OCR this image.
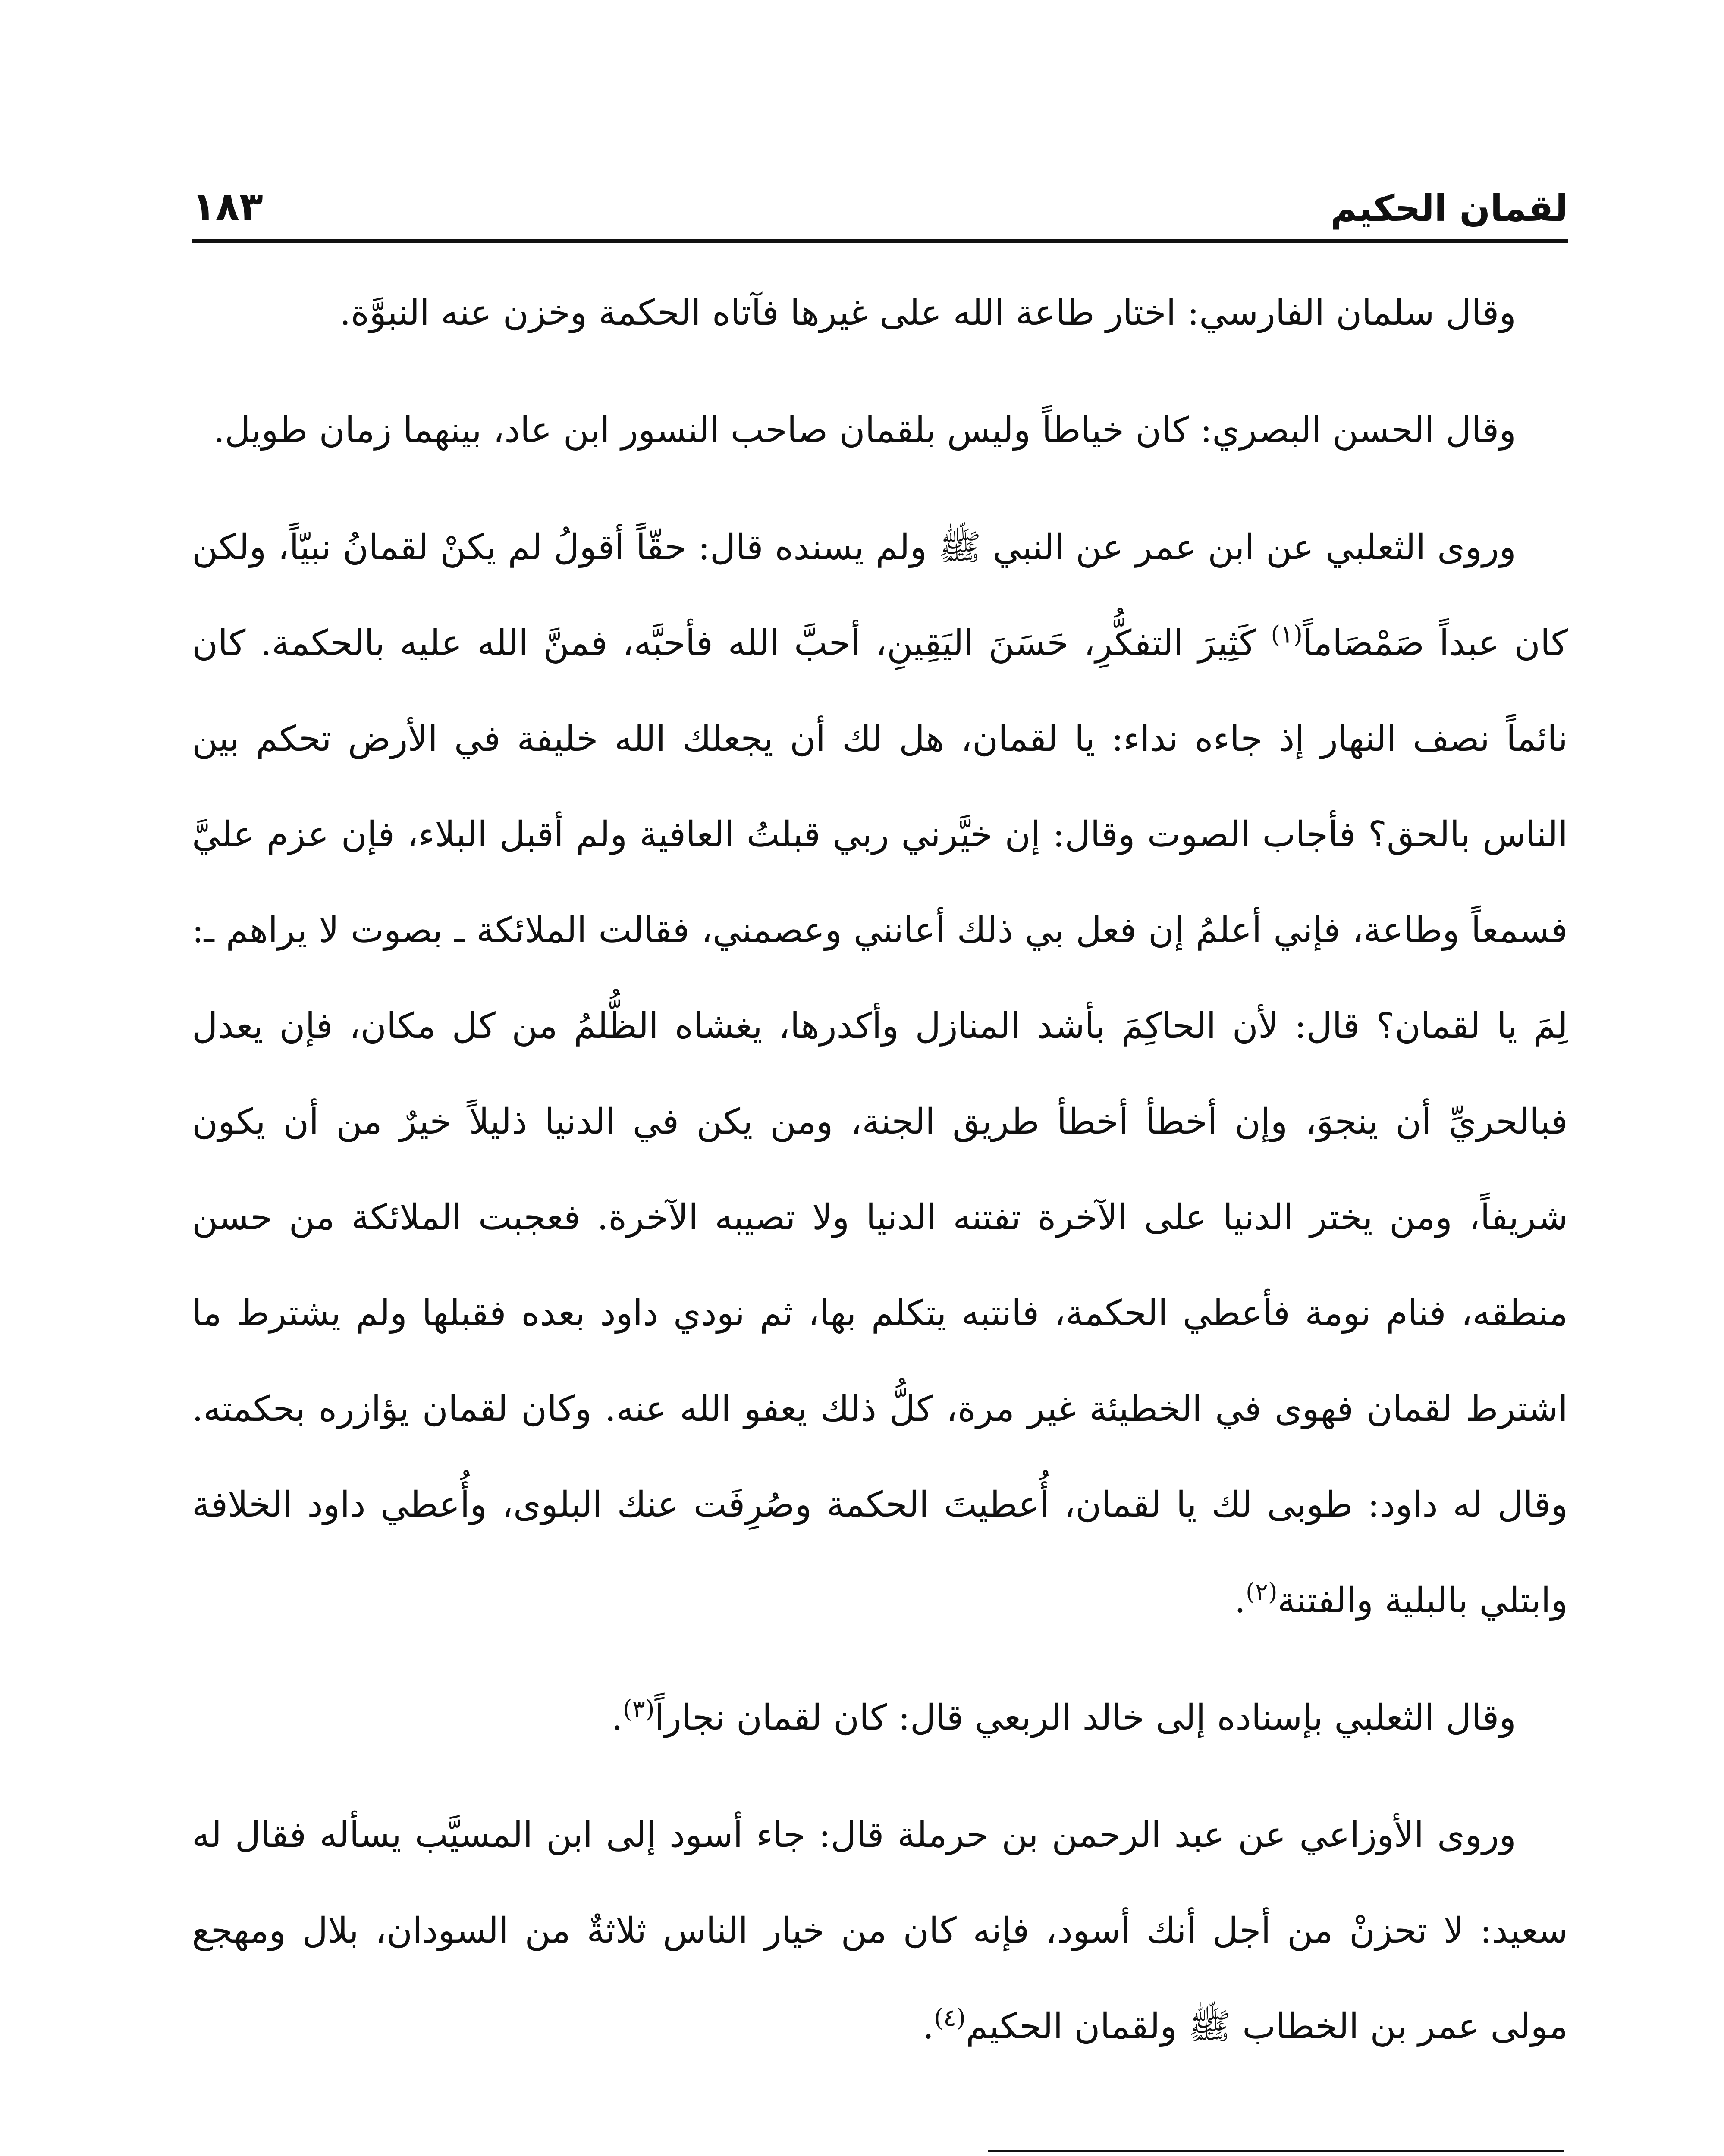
لقمان الحكيم
١٨٣

وقال سلمان الفارسي: اختار طاعة الله على غيرها فآتاه الحكمة وخزن عنه النبوَّة.

وقال الحسن البصري: كان خياطاً وليس بلقمان صاحب النسور ابن عاد، بينهما زمان طويل.

وروى الثعلبي عن ابن عمر عن النبي ﷺ ولم يسنده قال: حقّاً أقولُ لم يكنْ لقمانُ نبيّاً، ولكن كان عبداً صَمْصَاماً$^{(١)}$ كَثِيرَ التفكُّرِ، حَسَنَ اليَقِينِ، أحبَّ الله فأحبَّه، فمنَّ الله عليه بالحكمة. كان نائماً نصف النهار إذ جاءه نداء: يا لقمان، هل لك أن يجعلك الله خليفة في الأرض تحكم بين الناس بالحق؟ فأجاب الصوت وقال: إن خيَّرني ربي قبلتُ العافية ولم أقبل البلاء، فإن عزم عليَّ فسمعاً وطاعة، فإني أعلمُ إن فعل بي ذلك أعانني وعصمني، فقالت الملائكة ـ بصوت لا يراهم ـ: لِمَ يا لقمان؟ قال: لأن الحاكِمَ بأشد المنازل وأكدرها، يغشاه الظُّلمُ من كل مكان، فإن يعدل فبالحريِّ أن ينجوَ، وإن أخطأ أخطأ طريق الجنة، ومن يكن في الدنيا ذليلاً خيرٌ من أن يكون شريفاً، ومن يختر الدنيا على الآخرة تفتنه الدنيا ولا تصيبه الآخرة. فعجبت الملائكة من حسن منطقه، فنام نومة فأعطي الحكمة، فانتبه يتكلم بها، ثم نودي داود بعده فقبلها ولم يشترط ما اشترط لقمان فهوى في الخطيئة غير مرة، كلُّ ذلك يعفو الله عنه. وكان لقمان يؤازره بحكمته. وقال له داود: طوبى لك يا لقمان، أُعطيتَ الحكمة وصُرِفَت عنك البلوى، وأُعطي داود الخلافة وابتلي بالبلية والفتنة$^{(٢)}$.

وقال الثعلبي بإسناده إلى خالد الربعي قال: كان لقمان نجاراً$^{(٣)}$.

وروى الأوزاعي عن عبد الرحمن بن حرملة قال: جاء أسود إلى ابن المسيَّب يسأله فقال له سعيد: لا تحزنْ من أجل أنك أسود، فإنه كان من خيار الناس ثلاثةٌ من السودان، بلال ومهجع مولى عمر بن الخطاب ﷺ ولقمان الحكيم$^{(٤)}$.
